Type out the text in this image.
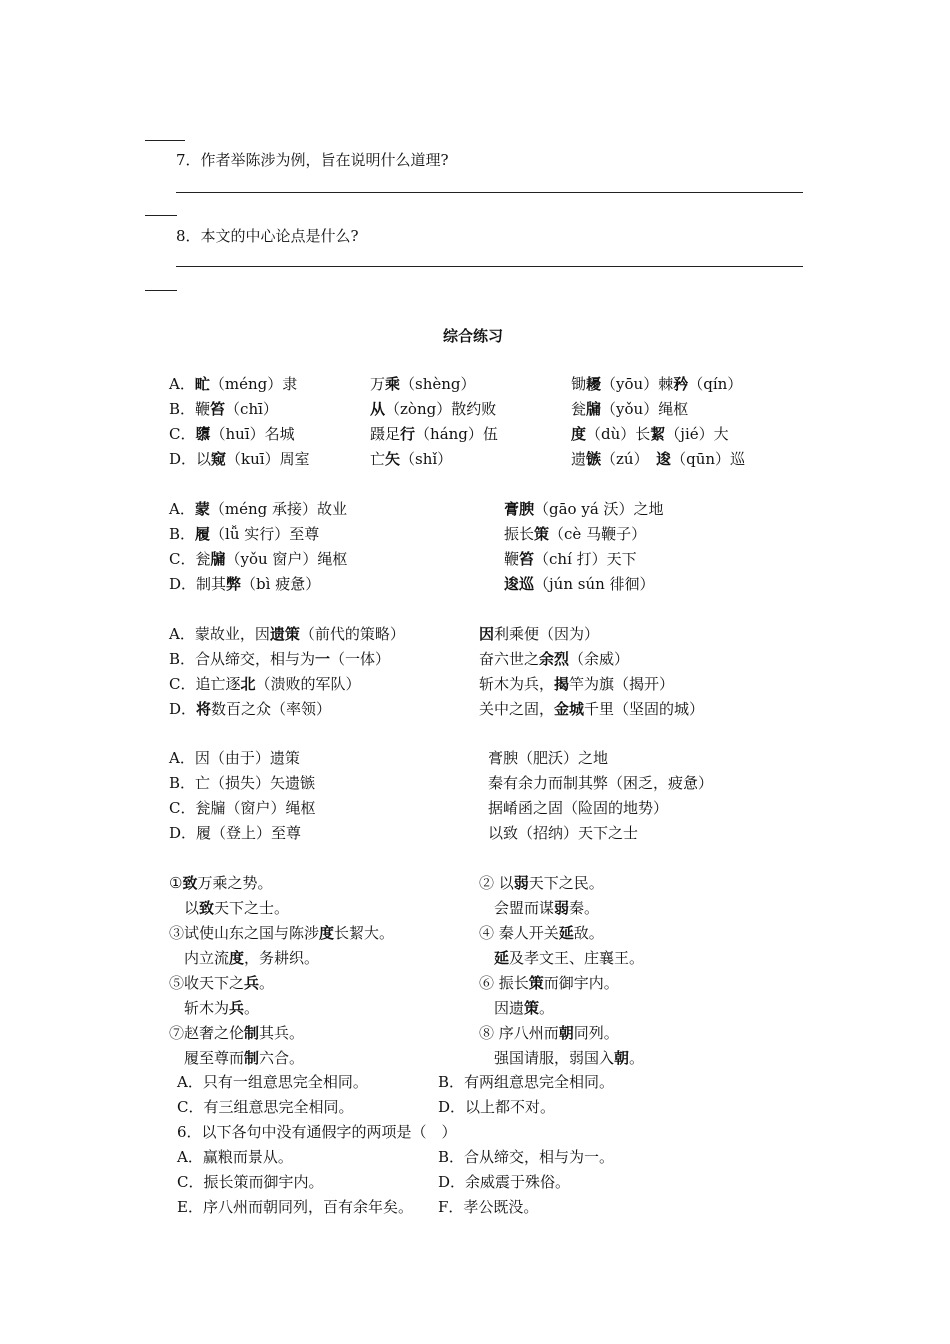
7．作者举陈涉为例，旨在说明什么道理?
8．本文的中心论点是什么?
综合练习
A．甿（méng）隶	万乘（shèng）	锄耰（yōu）棘矜（qín）
B．鞭笞（chī）	从（zòng）散约败	瓮牖（yǒu）绳枢
C．隳（huī）名城	蹑足行（háng）伍	度（dù）长絜（jié）大
D．以窥（kuī）周室	亡矢（shǐ）	遗镞（zú）　逡（qūn）巡
A．蒙（méng 承接）故业	膏腴（gāo yá 沃）之地
B．履（lǚ 实行）至尊	振长策（cè 马鞭子）
C．瓮牖（yǒu 窗户）绳枢	鞭笞（chí 打）天下
D．制其弊（bì 疲惫）	逡巡（jún sún 徘徊）
A．蒙故业，因遗策（前代的策略）	因利乘便（因为）
B．合从缔交，相与为一（一体）	奋六世之余烈（余威）
C．追亡逐北（溃败的军队）	斩木为兵，揭竿为旗（揭开）
D．将数百之众（率领）	关中之固，金城千里（坚固的城）
A．因（由于）遗策	膏腴（肥沃）之地
B．亡（损失）矢遗镞	秦有余力而制其弊（困乏，疲惫）
C．瓮牖（窗户）绳枢	据崤函之固（险固的地势）
D．履（登上）至尊	以致（招纳）天下之士
①致万乘之势。	② 以弱天下之民。
　以致天下之士。	　会盟而谋弱秦。
③试使山东之国与陈涉度长絜大。	④ 秦人开关延敌。
　内立流度，务耕织。
　	延及孝文王、庄襄王。
⑤收天下之兵。	⑥ 振长策而御宇内。
　斩木为兵。	　因遗策。
⑦赵奢之伦制其兵。	⑧ 序八州而朝同列。
　履至尊而制六合。	　强国请服，弱国入朝。
A．只有一组意思完全相同。	B．有两组意思完全相同。
C．有三组意思完全相同。	D．以上都不对。
6．以下各句中没有通假字的两项是（　）
A．赢粮而景从。	B．合从缔交，相与为一。
C．振长策而御宇内。	D．余威震于殊俗。
E．序八州而朝同列，百有余年矣。 F．孝公既没。
